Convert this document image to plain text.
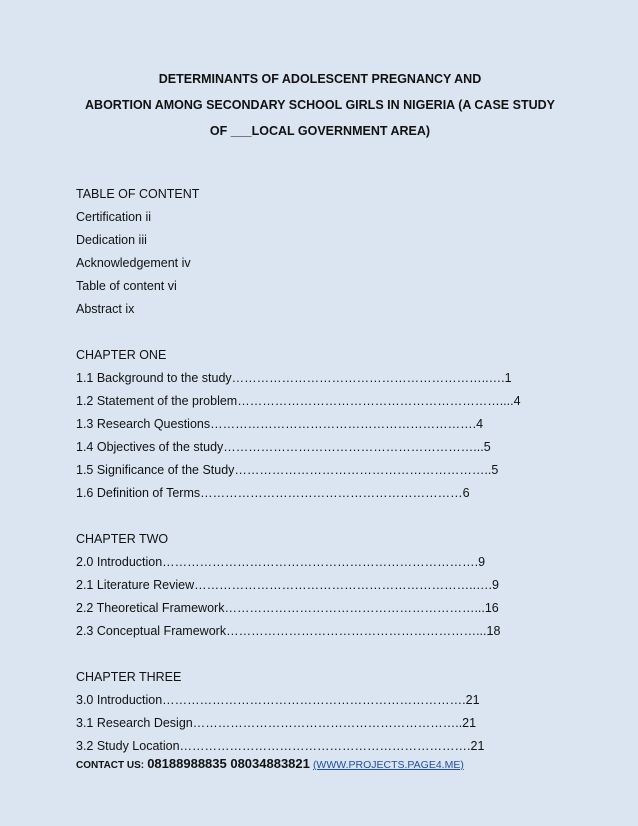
DETERMINANTS OF ADOLESCENT PREGNANCY AND
ABORTION AMONG SECONDARY SCHOOL GIRLS IN NIGERIA (A CASE STUDY
OF ___LOCAL GOVERNMENT AREA)
TABLE OF CONTENT
Certification ii
Dedication iii
Acknowledgement iv
Table of content vi
Abstract ix
CHAPTER ONE
1.1 Background to the study……………………………………………………..….1
1.2 Statement of the problem………………………………………………………....4
1.3 Research Questions……………………………………………………….4
1.4 Objectives of the study……………………………………………………...5
1.5 Significance of the Study……………………………………………………..5
1.6 Definition of Terms………………………………………………………6
CHAPTER TWO
2.0 Introduction………………………………………………………………….9
2.1 Literature Review…………………………………………………………..….9
2.2 Theoretical Framework……………………………………………………...16
2.3 Conceptual Framework……………………………………………………...18
CHAPTER THREE
3.0 Introduction……………………………………………………………….21
3.1 Research Design………………………………………………………..21
3.2 Study Location…………………………………………………………….21
CONTACT US: 08188988835 08034883821 (WWW.PROJECTS.PAGE4.ME)
